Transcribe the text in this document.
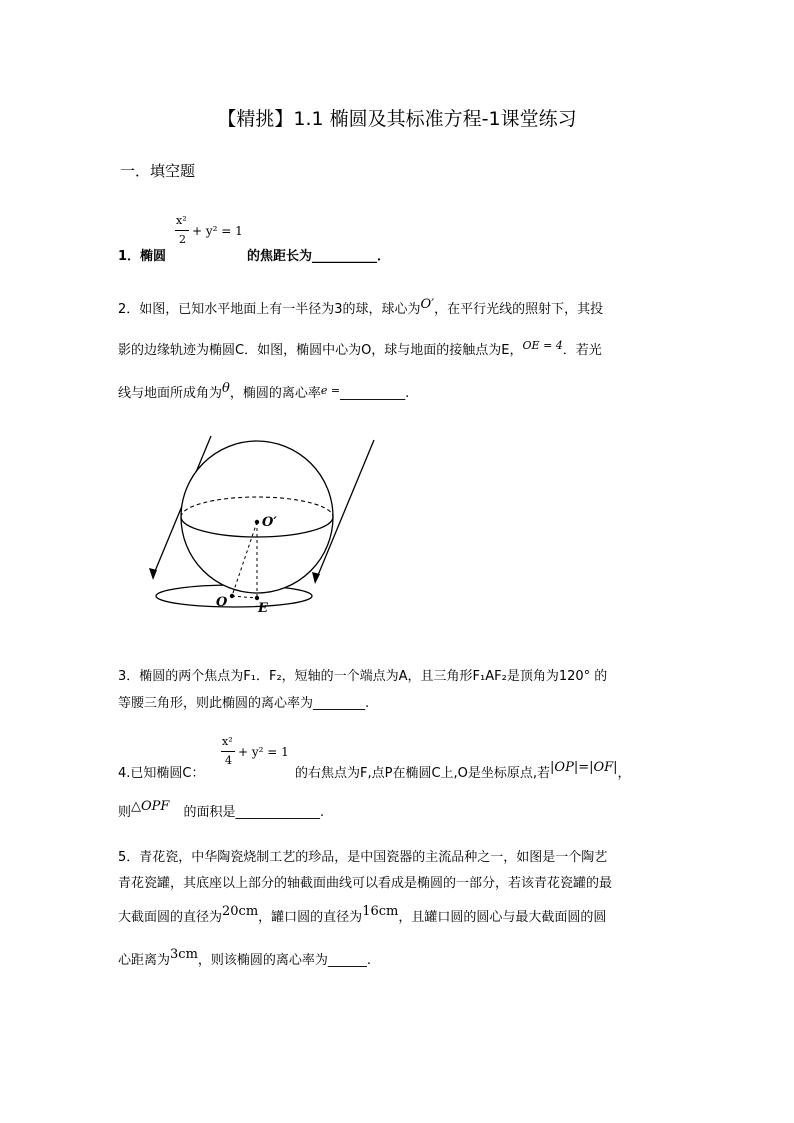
【精挑】1.1 椭圆及其标准方程-1课堂练习
一．填空题
1．椭圆
x²
2
+ y² = 1
的焦距长为__________．
2．如图，已知水平地面上有一半径为3的球，球心为O′，在平行光线的照射下，其投
影的边缘轨迹为椭圆C．如图，椭圆中心为O，球与地面的接触点为E，$^{OE = 4}$．若光
线与地面所成角为θ，椭圆的离心率$^{e =}$__________.
O′
O E
3．椭圆的两个焦点为F₁．F₂，短轴的一个端点为A，且三角形F₁AF₂是顶角为120° 的
等腰三角形，则此椭圆的离心率为________.
4.已知椭圆C：
x²
4
+ y² = 1
的右焦点为F,点P在椭圆C上,O是坐标原点,若|OP|=|OF|，
则△OPF 的面积是_____________.
5．青花瓷，中华陶瓷烧制工艺的珍品，是中国瓷器的主流品种之一，如图是一个陶艺
青花瓷罐，其底座以上部分的轴截面曲线可以看成是椭圆的一部分，若该青花瓷罐的最
大截面圆的直径为20cm，罐口圆的直径为16cm，且罐口圆的圆心与最大截面圆的圆
心距离为3cm，则该椭圆的离心率为______.
